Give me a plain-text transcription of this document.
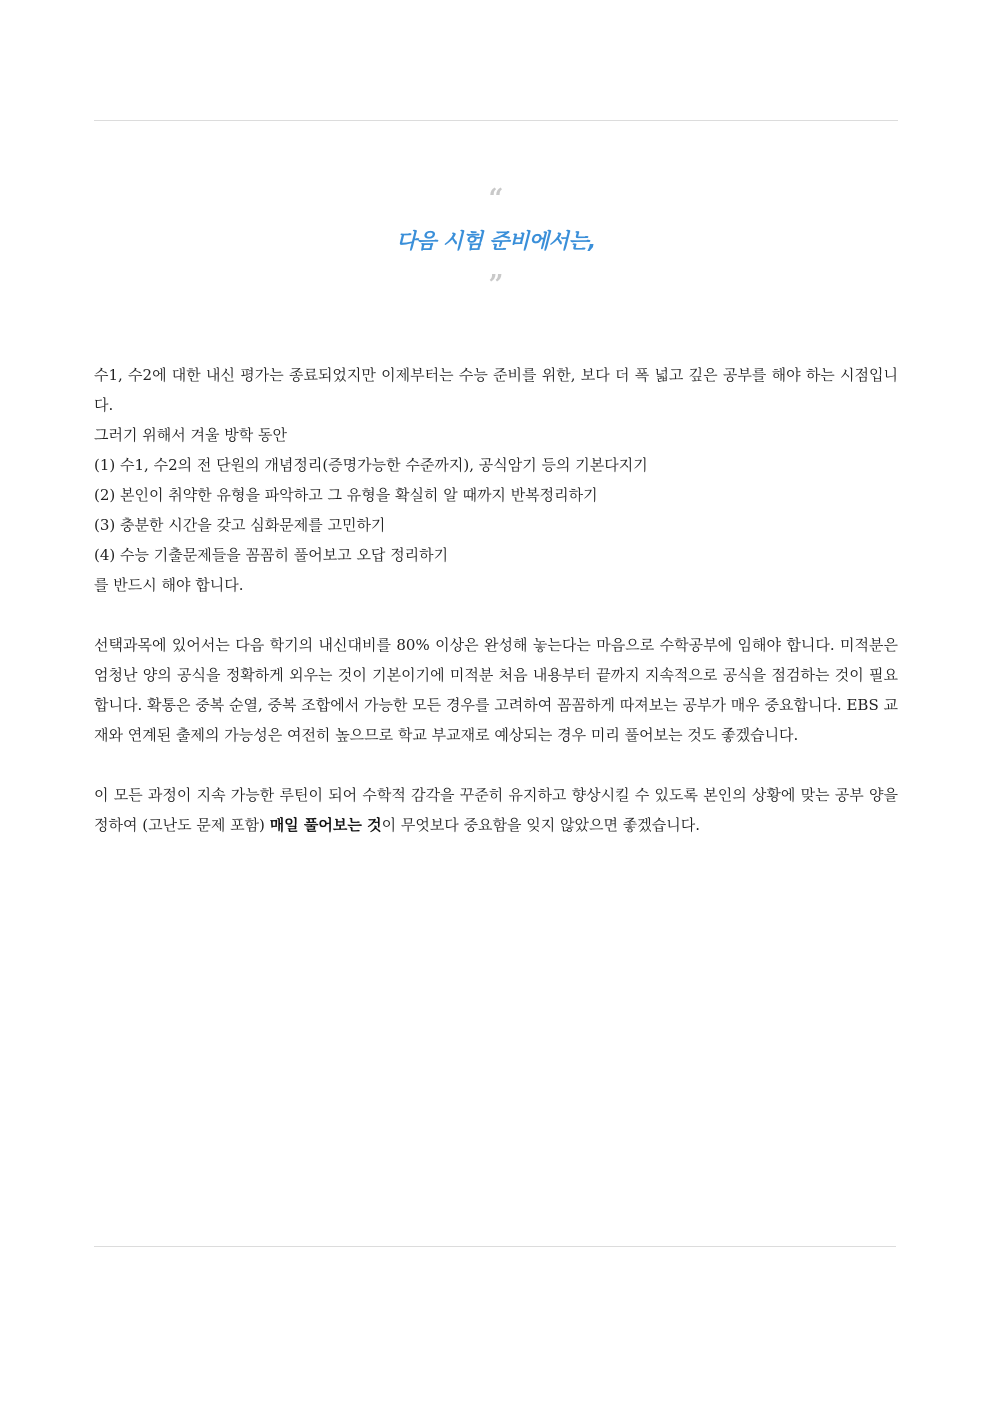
“
다음 시험 준비에서는,
”

수1, 수2에 대한 내신 평가는 종료되었지만 이제부터는 수능 준비를 위한, 보다 더 폭 넓고 깊은 공부를 해야 하는 시점입니다.

그러기 위해서 겨울 방학 동안

(1) 수1, 수2의 전 단원의 개념정리(증명가능한 수준까지), 공식암기 등의 기본다지기

(2) 본인이 취약한 유형을 파악하고 그 유형을 확실히 알 때까지 반복정리하기

(3) 충분한 시간을 갖고 심화문제를 고민하기

(4) 수능 기출문제들을 꼼꼼히 풀어보고 오답 정리하기

를 반드시 해야 합니다.

선택과목에 있어서는 다음 학기의 내신대비를 80% 이상은 완성해 놓는다는 마음으로 수학공부에 임해야 합니다. 미적분은 엄청난 양의 공식을 정확하게 외우는 것이 기본이기에 미적분 처음 내용부터 끝까지 지속적으로 공식을 점검하는 것이 필요합니다. 확통은 중복 순열, 중복 조합에서 가능한 모든 경우를 고려하여 꼼꼼하게 따져보는 공부가 매우 중요합니다. EBS 교재와 연계된 출제의 가능성은 여전히 높으므로 학교 부교재로 예상되는 경우 미리 풀어보는 것도 좋겠습니다.

이 모든 과정이 지속 가능한 루틴이 되어 수학적 감각을 꾸준히 유지하고 향상시킬 수 있도록 본인의 상황에 맞는 공부 양을 정하여 (고난도 문제 포함) 매일 풀어보는 것이 무엇보다 중요함을 잊지 않았으면 좋겠습니다.
